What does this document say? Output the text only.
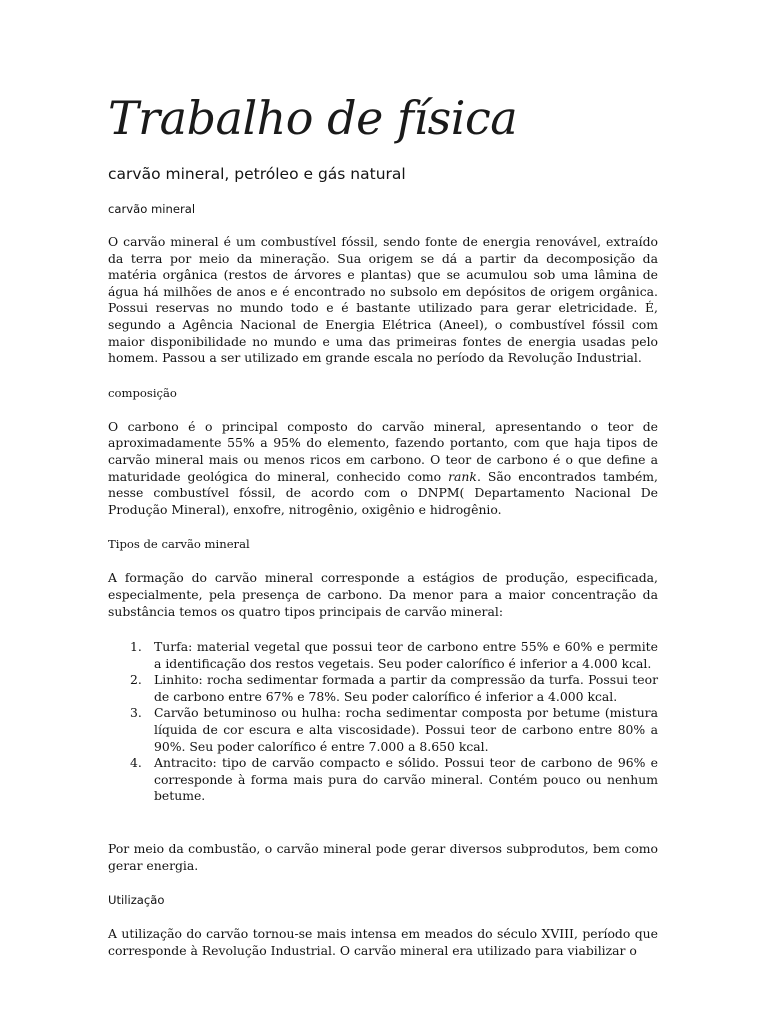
Trabalho de física
carvão mineral, petróleo e gás natural
carvão mineral

O carvão mineral é um combustível fóssil, sendo fonte de energia renovável, extraído da terra por meio da mineração. Sua origem se dá a partir da decomposição da matéria orgânica (restos de árvores e plantas) que se acumulou sob uma lâmina de água há milhões de anos e é encontrado no subsolo em depósitos de origem orgânica. Possui reservas no mundo todo e é bastante utilizado para gerar eletricidade. É, segundo a Agência Nacional de Energia Elétrica (Aneel), o combustível fóssil com maior disponibilidade no mundo e uma das primeiras fontes de energia usadas pelo homem. Passou a ser utilizado em grande escala no período da Revolução Industrial.

composição

O carbono é o principal composto do carvão mineral, apresentando o teor de aproximadamente 55% a 95% do elemento, fazendo portanto, com que haja tipos de carvão mineral mais ou menos ricos em carbono. O teor de carbono é o que define a maturidade geológica do mineral, conhecido como rank. São encontrados também, nesse combustível fóssil, de acordo com o DNPM( Departamento Nacional De Produção Mineral), enxofre, nitrogênio, oxigênio e hidrogênio.

Tipos de carvão mineral

A formação do carvão mineral corresponde a estágios de produção, especificada, especialmente, pela presença de carbono. Da menor para a maior concentração da substância temos os quatro tipos principais de carvão mineral:

1. Turfa: material vegetal que possui teor de carbono entre 55% e 60% e permite a identificação dos restos vegetais. Seu poder calorífico é inferior a 4.000 kcal.
2. Linhito: rocha sedimentar formada a partir da compressão da turfa. Possui teor de carbono entre 67% e 78%. Seu poder calorífico é inferior a 4.000 kcal.
3. Carvão betuminoso ou hulha: rocha sedimentar composta por betume (mistura líquida de cor escura e alta viscosidade). Possui teor de carbono entre 80% a 90%. Seu poder calorífico é entre 7.000 a 8.650 kcal.
4. Antracito: tipo de carvão compacto e sólido. Possui teor de carbono de 96% e corresponde à forma mais pura do carvão mineral. Contém pouco ou nenhum betume.

Por meio da combustão, o carvão mineral pode gerar diversos subprodutos, bem como gerar energia.

Utilização

A utilização do carvão tornou-se mais intensa em meados do século XVIII, período que corresponde à Revolução Industrial. O carvão mineral era utilizado para viabilizar o
